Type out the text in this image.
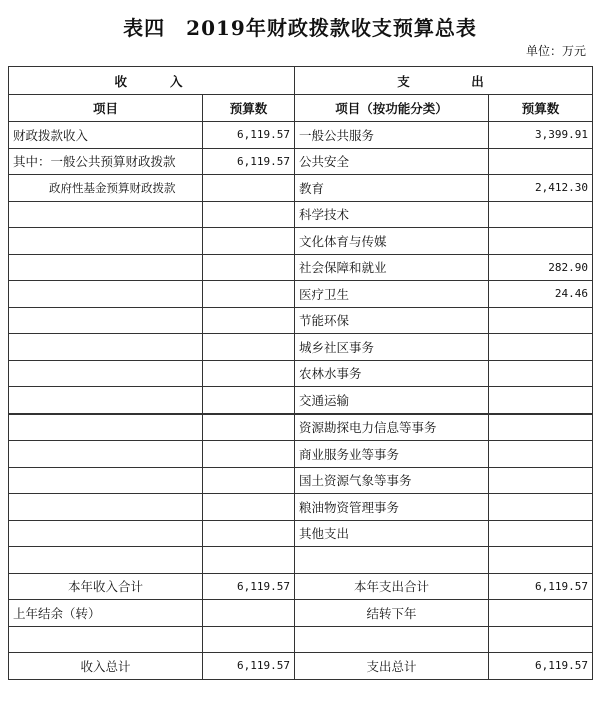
表四　2019年财政拨款收支预算总表
单位：万元
收　　入		支　　　出	
项目	预算数	项目（按功能分类）	预算数
财政拨款收入	6,119.57	一般公共服务	3,399.91
其中：一般公共预算财政拨款	6,119.57	公共安全	
政府性基金预算财政拨款		教育	2,412.30
		科学技术	
		文化体育与传媒	
		社会保障和就业	282.90
		医疗卫生	24.46
		节能环保	
		城乡社区事务	
		农林水事务	
		交通运输	
		资源勘探电力信息等事务	
		商业服务业等事务	
		国土资源气象等事务	
		粮油物资管理事务	
		其他支出	

本年收入合计	6,119.57	本年支出合计	6,119.57
上年结余（转）		结转下年	

收入总计	6,119.57	支出总计	6,119.57
